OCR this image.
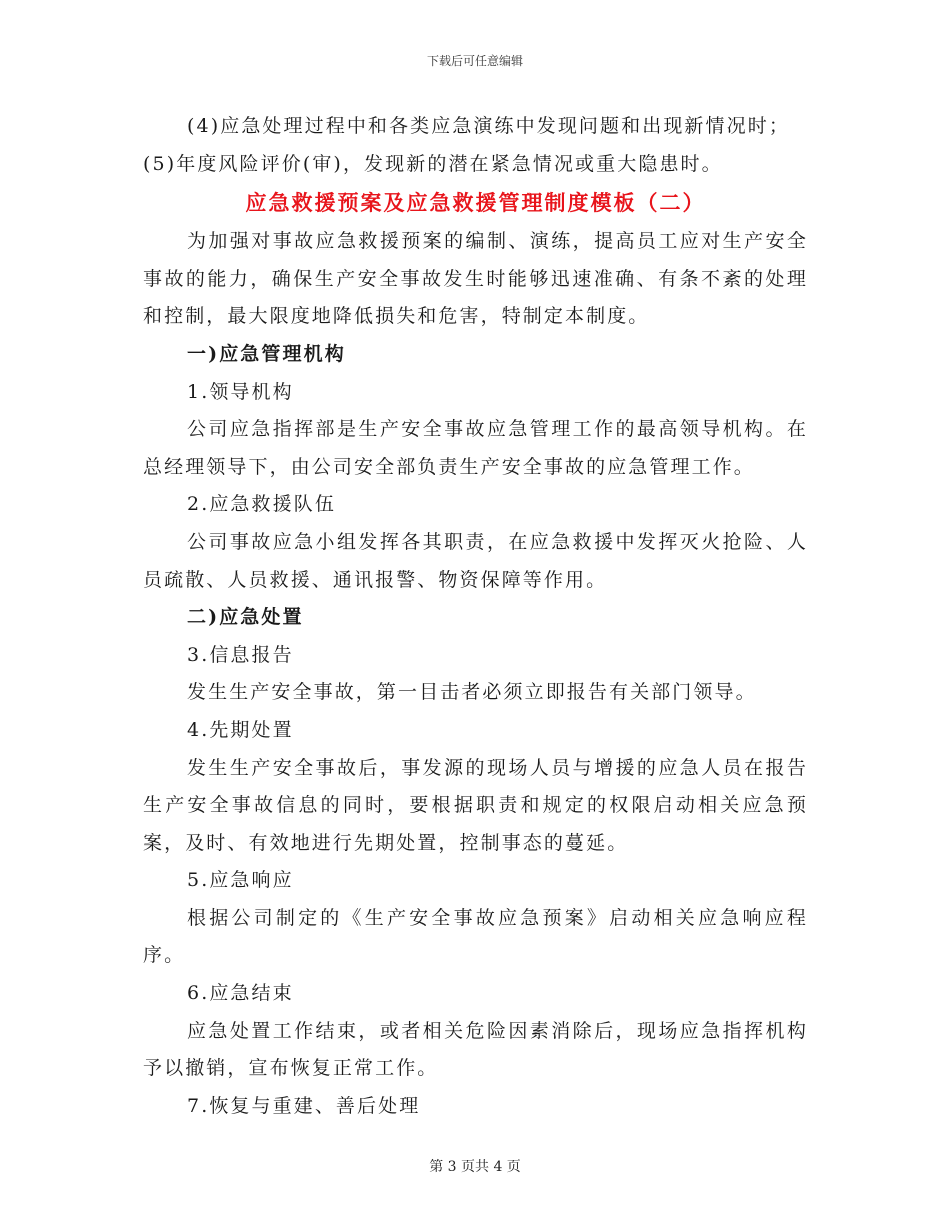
下载后可任意编辑

(4)应急处理过程中和各类应急演练中发现问题和出现新情况时；

(5)年度风险评价(审)，发现新的潜在紧急情况或重大隐患时。

应急救援预案及应急救援管理制度模板（二）

为加强对事故应急救援预案的编制、演练，提高员工应对生产安全事故的能力，确保生产安全事故发生时能够迅速准确、有条不紊的处理和控制，最大限度地降低损失和危害，特制定本制度。

一)应急管理机构

1.领导机构

公司应急指挥部是生产安全事故应急管理工作的最高领导机构。在总经理领导下，由公司安全部负责生产安全事故的应急管理工作。

2.应急救援队伍

公司事故应急小组发挥各其职责，在应急救援中发挥灭火抢险、人员疏散、人员救援、通讯报警、物资保障等作用。

二)应急处置

3.信息报告

发生生产安全事故，第一目击者必须立即报告有关部门领导。

4.先期处置

发生生产安全事故后，事发源的现场人员与增援的应急人员在报告生产安全事故信息的同时，要根据职责和规定的权限启动相关应急预案，及时、有效地进行先期处置，控制事态的蔓延。

5.应急响应

根据公司制定的《生产安全事故应急预案》启动相关应急响应程序。

6.应急结束

应急处置工作结束，或者相关危险因素消除后，现场应急指挥机构予以撤销，宣布恢复正常工作。

7.恢复与重建、善后处理

第 3 页共 4 页
